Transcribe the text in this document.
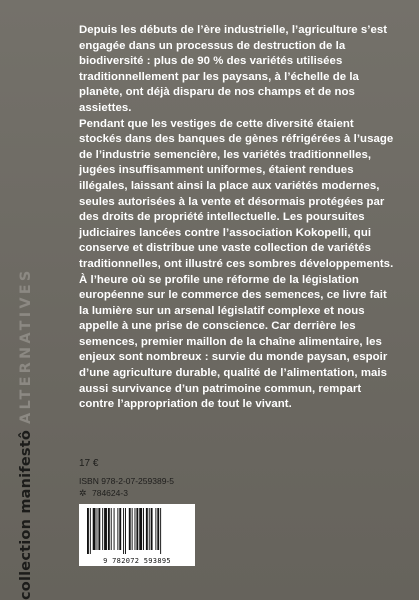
Depuis les débuts de l’ère industrielle, l’agriculture s’est engagée dans un processus de destruction de la biodiversité : plus de 90 % des variétés utilisées traditionnellement par les paysans, à l’échelle de la planète, ont déjà disparu de nos champs et de nos assiettes.

Pendant que les vestiges de cette diversité étaient stockés dans des banques de gènes réfrigérées à l’usage de l’industrie semencière, les variétés traditionnelles, jugées insuffisamment uniformes, étaient rendues illégales, laissant ainsi la place aux variétés modernes, seules autorisées à la vente et désormais protégées par des droits de propriété intellectuelle. Les poursuites judiciaires lancées contre l’association Kokopelli, qui conserve et distribue une vaste collection de variétés traditionnelles, ont illustré ces sombres développements.

À l’heure où se profile une réforme de la législation européenne sur le commerce des semences, ce livre fait la lumière sur un arsenal législatif complexe et nous appelle à une prise de conscience. Car derrière les semences, premier maillon de la chaîne alimentaire, les enjeux sont nombreux : survie du monde paysan, espoir d’une agriculture durable, qualité de l’alimentation, mais aussi survivance d’un patrimoine commun, rempart contre l’appropriation de tout le vivant.

17 €
ISBN 978-2-07-259389-5
✲ 784624-3
9 782072 593895
collection manifestôALTERNATIVES
